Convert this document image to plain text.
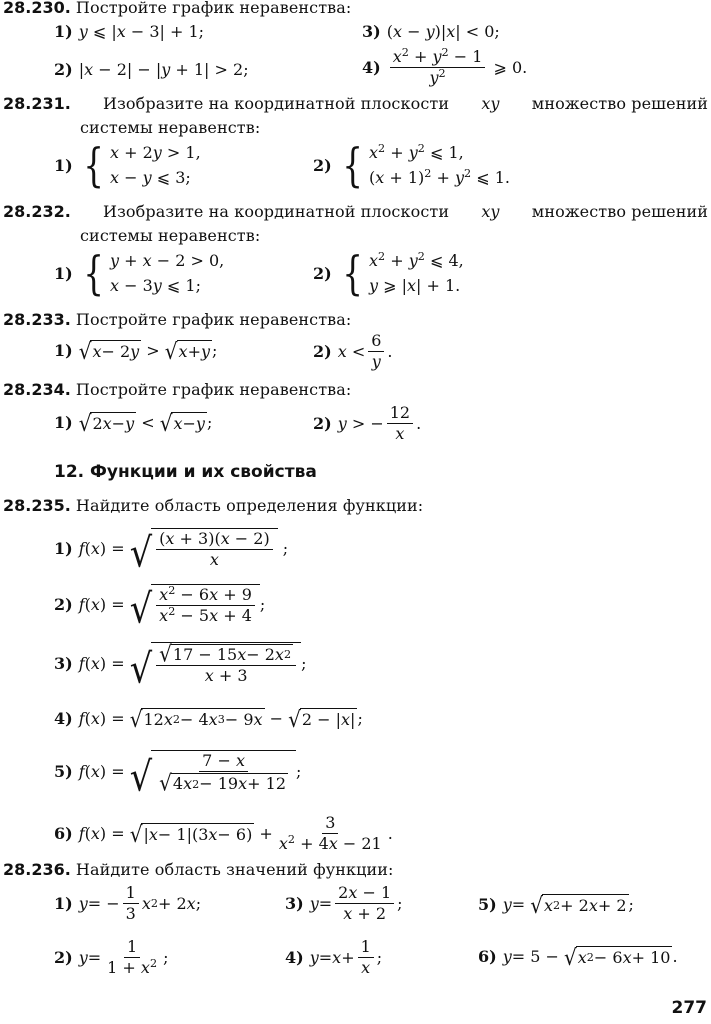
28.230. Постройте график неравенства:
1) y ⩽ |x − 3| + 1;	3) (x − y)|x| < 0;
2) |x − 2| − |y + 1| > 2;	$4) \frac{x^2 + y^2 - 1}{y^2}$ ⩾ 0.
28.231. Изобразите на координатной плоскости xy множество решений
системы неравенств:
1) { x + 2y > 1,
x − y ⩽ 3;
2) { $x^2 + y^2$ ⩽ 1,
$(x + 1)^2 + y^2$ ⩽ 1.
28.232. Изобразите на координатной плоскости xy множество решений
системы неравенств:
1) { y + x − 2 > 0,
x − 3y ⩽ 1;
2) { $x^2 + y^2$ ⩽ 4,
y ⩾ |x| + 1.
28.233. Постройте график неравенства:
1) √ x − 2 y > √ x + y ;	2) $x < \frac{6}{y}$ .
28.234. Постройте график неравенства:
1) √ 2 x − y < √ x − y ;	2) y > − $\frac{12}{x}$ .
12. Функции и их свойства
28.235. Найдите область определения функции:
1) f ( x ) = √ $\frac{(x + 3)(x - 2)}{x}$ ;
2) f ( x ) = √ $\frac{x^2 - 6x + 9}{x^2 - 5x + 4}$ ;
3) f ( x ) = √ $\frac{√ 17 - 15 x - 2 x 2}{x + 3}$ ;
4) f ( x ) = √ 12 x 2 − 4 x 3 − 9 x − √ 2 − | x | ;
5) f ( x ) = √ $\frac{7 - x}{√ 4 x 2 - 19 x + 12}$ ;
6) f ( x ) = √ | x − 1|(3 $x - 6) + \frac{3}{x^2 + 4x - 21}$ .
28.236. Найдите область значений функции:
1) y = − $\frac{1}{3}$ x 2 + 2 x ;	3) $y = \frac{2x - 1}{x + 2}$ ;	5) y = √ x 2 + 2 x + 2 ;
2) $y = \frac{1}{1 + x^2}$ ;	4) $y = x + \frac{1}{x}$ ;	6) y = 5 − √ x 2 − 6 x + 10 .
277
